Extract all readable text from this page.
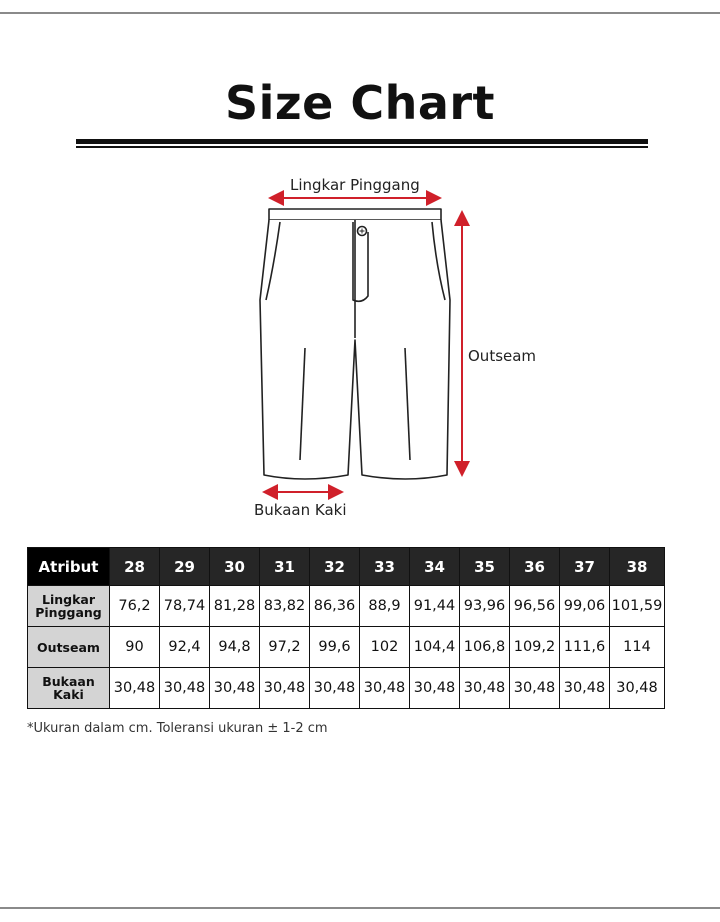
Size Chart
Lingkar Pinggang
Outseam
Bukaan Kaki
Atribut	28	29	30	31	32	33	34	35	36	37	38
Lingkar
Pinggang	76,2	78,74	81,28	83,82	86,36	88,9	91,44	93,96	96,56	99,06	101,59
Outseam	90	92,4	94,8	97,2	99,6	102	104,4	106,8	109,2	111,6	114
Bukaan
Kaki	30,48	30,48	30,48	30,48	30,48	30,48	30,48	30,48	30,48	30,48	30,48
*Ukuran dalam cm. Toleransi ukuran ± 1-2 cm
